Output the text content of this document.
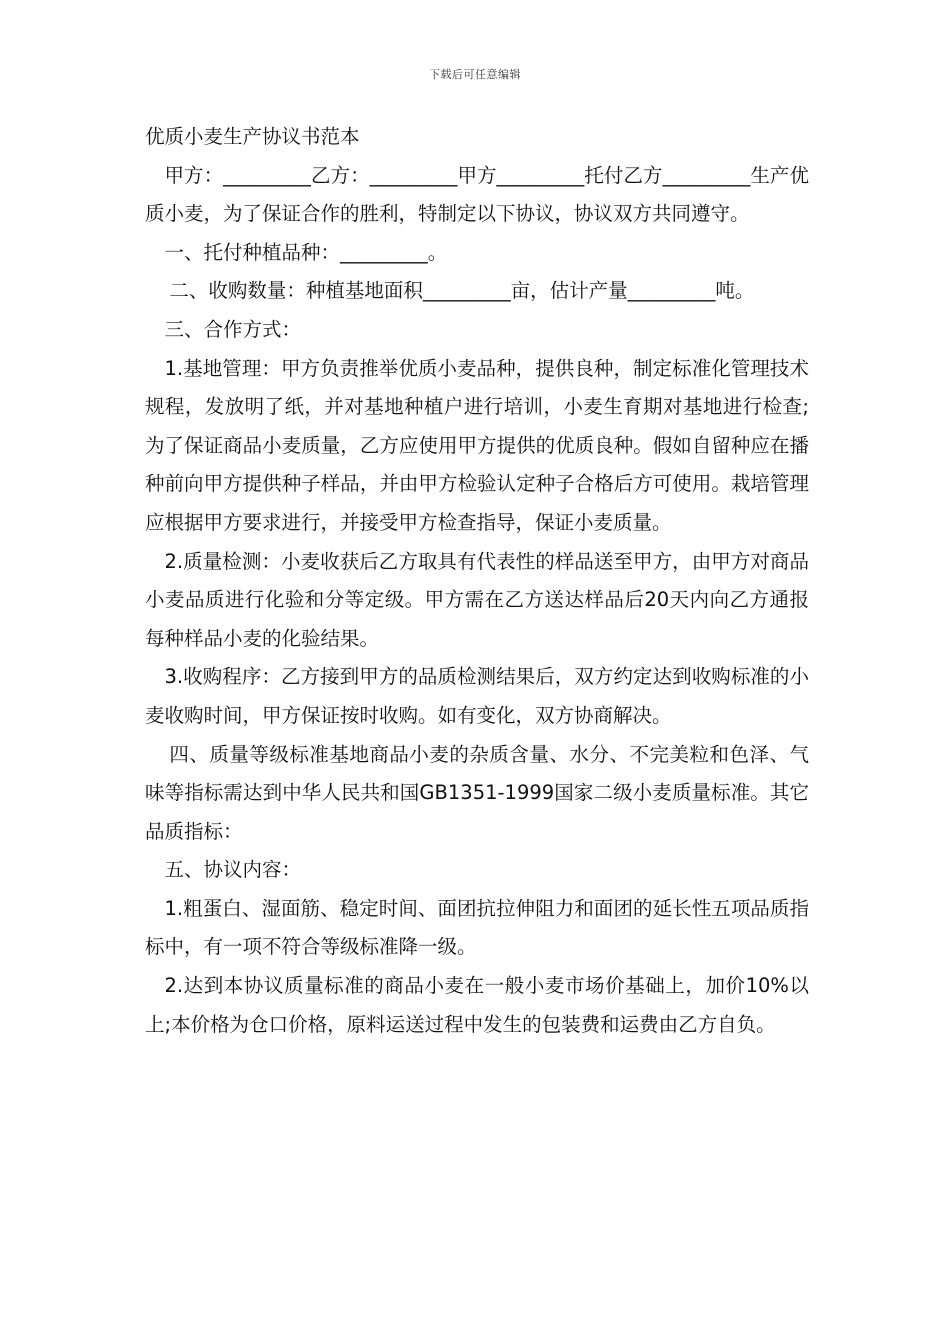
下载后可任意编辑
优质小麦生产协议书范本

甲方：_________乙方：_________甲方_________托付乙方_________生产优质小麦，为了保证合作的胜利，特制定以下协议，协议双方共同遵守。

一、托付种植品种：_________。

二、收购数量：种植基地面积_________亩，估计产量_________吨。

三、合作方式：

1.基地管理：甲方负责推举优质小麦品种，提供良种，制定标准化管理技术规程，发放明了纸，并对基地种植户进行培训，小麦生育期对基地进行检查;为了保证商品小麦质量，乙方应使用甲方提供的优质良种。假如自留种应在播种前向甲方提供种子样品，并由甲方检验认定种子合格后方可使用。栽培管理应根据甲方要求进行，并接受甲方检查指导，保证小麦质量。

2.质量检测：小麦收获后乙方取具有代表性的样品送至甲方，由甲方对商品小麦品质进行化验和分等定级。甲方需在乙方送达样品后20天内向乙方通报每种样品小麦的化验结果。

3.收购程序：乙方接到甲方的品质检测结果后，双方约定达到收购标准的小麦收购时间，甲方保证按时收购。如有变化，双方协商解决。

四、质量等级标准基地商品小麦的杂质含量、水分、不完美粒和色泽、气味等指标需达到中华人民共和国GB1351-1999国家二级小麦质量标准。其它品质指标：

五、协议内容：

1.粗蛋白、湿面筋、稳定时间、面团抗拉伸阻力和面团的延长性五项品质指标中，有一项不符合等级标准降一级。

2.达到本协议质量标准的商品小麦在一般小麦市场价基础上，加价10%以上;本价格为仓口价格，原料运送过程中发生的包装费和运费由乙方自负。
